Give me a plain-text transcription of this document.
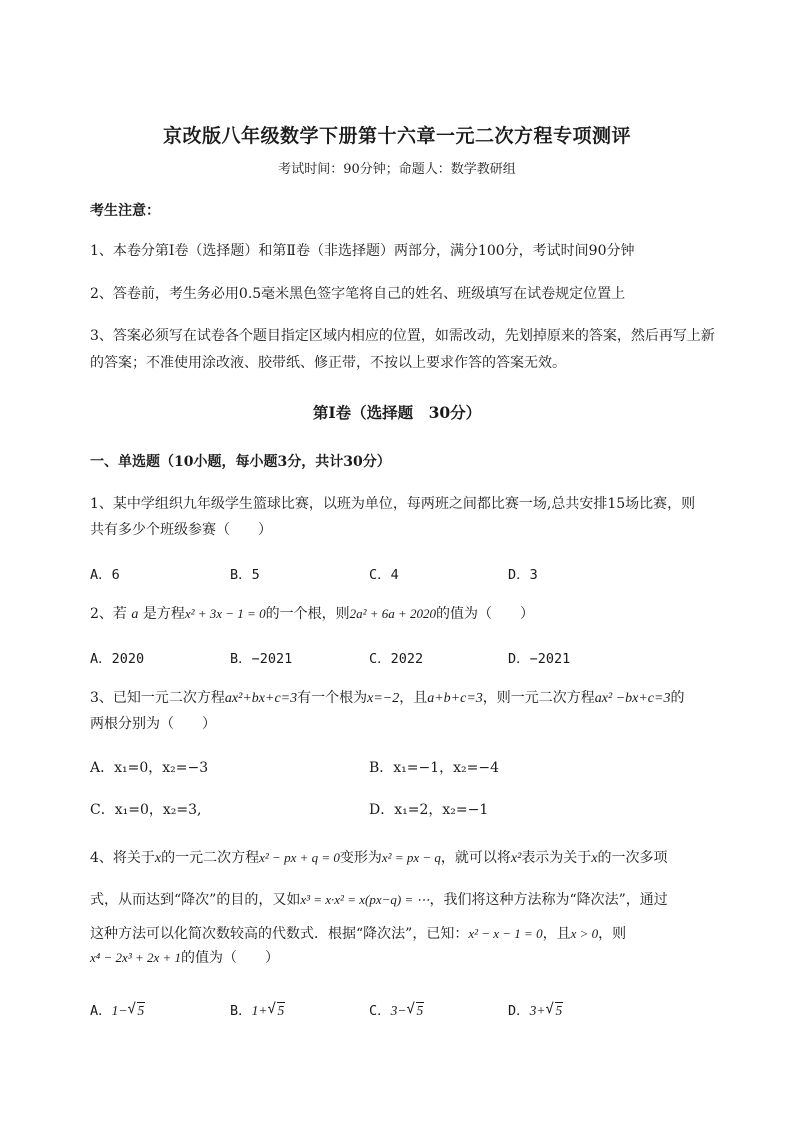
京改版八年级数学下册第十六章一元二次方程专项测评
考试时间：90分钟；命题人：数学教研组
考生注意：
1、本卷分第I卷（选择题）和第Ⅱ卷（非选择题）两部分，满分100分，考试时间90分钟
2、答卷前，考生务必用0.5毫米黑色签字笔将自己的姓名、班级填写在试卷规定位置上
3、答案必须写在试卷各个题目指定区域内相应的位置，如需改动，先划掉原来的答案，然后再写上新
的答案；不准使用涂改液、胶带纸、修正带，不按以上要求作答的答案无效。
第I卷（选择题　30分）
一、单选题（10小题，每小题3分，共计30分）
1、某中学组织九年级学生篮球比赛，以班为单位，每两班之间都比赛一场,总共安排15场比赛，则
共有多少个班级参赛（　　）
A．6	B．5	C．4	D．3
2、若 a 是方程x² + 3x − 1 = 0的一个根，则2a² + 6a + 2020的值为（　　）
A．2020	B．−2021	C．2022	D．−2021
3、已知一元二次方程ax²+bx+c=3有一个根为x=−2，且a+b+c=3，则一元二次方程ax² −bx+c=3的
两根分别为（　　）
A．x₁=0，x₂=−3	B．x₁=−1，x₂=−4
C．x₁=0，x₂=3,	D．x₁=2，x₂=−1
4、将关于x的一元二次方程x² − px + q = 0变形为x² = px − q，就可以将x²表示为关于x的一次多项
式，从而达到“降次”的目的，又如x³ = x·x² = x(px−q) = ⋯，我们将这种方法称为“降次法”，通过
这种方法可以化简次数较高的代数式．根据“降次法”，已知：x² − x − 1 = 0，且x > 0，则
x⁴ − 2x³ + 2x + 1的值为（　　）
A．1− √ 5	B．1+ √ 5	C．3− √ 5	D．3+ √ 5
